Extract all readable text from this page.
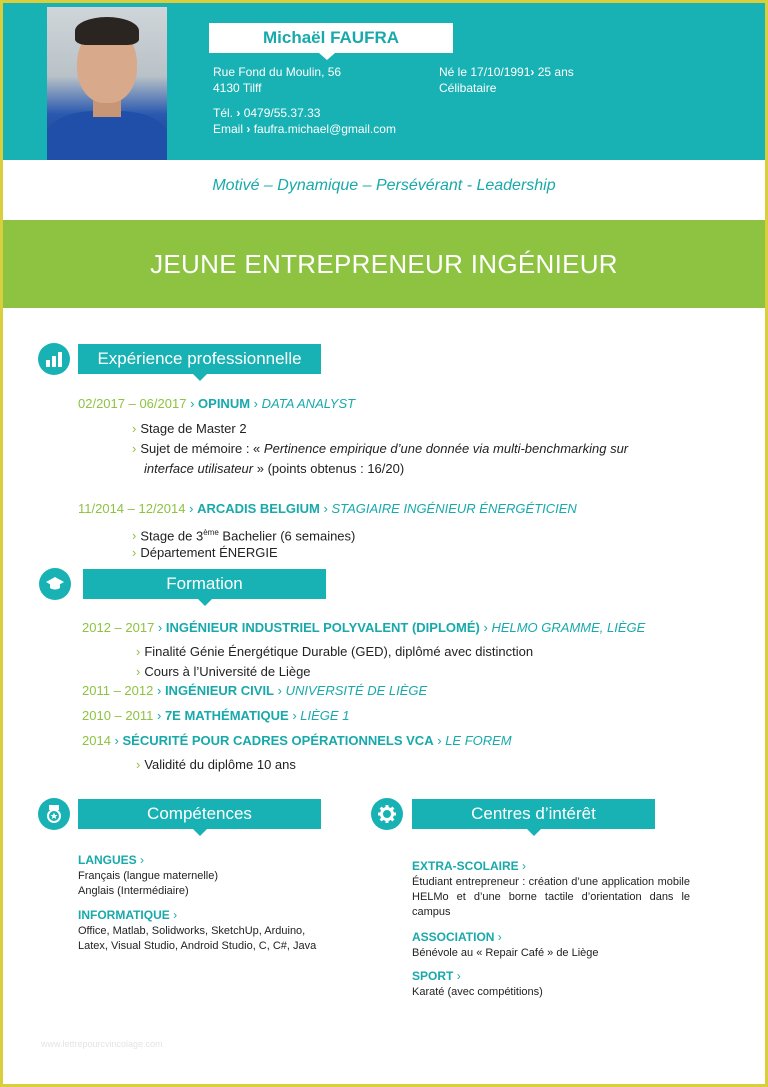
Michaël FAUFRA
Rue Fond du Moulin, 56
4130 Tilff
Tél. › 0479/55.37.33
Email › faufra.michael@gmail.com
Né le 17/10/1991› 25 ans
Célibataire
Motivé – Dynamique – Persévérant - Leadership
JEUNE ENTREPRENEUR INGÉNIEUR
Expérience professionnelle
02/2017 – 06/2017 › OPINUM › DATA ANALYST
› Stage de Master 2
› Sujet de mémoire : « Pertinence empirique d’une donnée via multi-benchmarking sur
interface utilisateur » (points obtenus : 16/20)
11/2014 – 12/2014 › ARCADIS BELGIUM › STAGIAIRE INGÉNIEUR ÉNERGÉTICIEN
› Stage de 3ème Bachelier (6 semaines)
› Département ÉNERGIE
Formation
2012 – 2017 › INGÉNIEUR INDUSTRIEL POLYVALENT (DIPLOMÉ) › HELMO GRAMME, LIÈGE
› Finalité Génie Énergétique Durable (GED), diplômé avec distinction
› Cours à l’Université de Liège
2011 – 2012 › INGÉNIEUR CIVIL › UNIVERSITÉ DE LIÈGE
2010 – 2011 › 7E MATHÉMATIQUE › LIÈGE 1
2014 › SÉCURITÉ POUR CADRES OPÉRATIONNELS VCA › LE FOREM
› Validité du diplôme 10 ans
Compétences
LANGUES ›
Français (langue maternelle)
Anglais (Intermédiaire)
INFORMATIQUE ›
Office, Matlab, Solidworks, SketchUp, Arduino,
Latex, Visual Studio, Android Studio, C, C#, Java
Centres d’intérêt
EXTRA-SCOLAIRE ›
Étudiant entrepreneur : création d’une application mobile HELMo et d’une borne tactile d’orientation dans le campus
ASSOCIATION ›
Bénévole au « Repair Café » de Liège
SPORT ›
Karaté (avec compétitions)
www.lettrepourcvincolage.com
